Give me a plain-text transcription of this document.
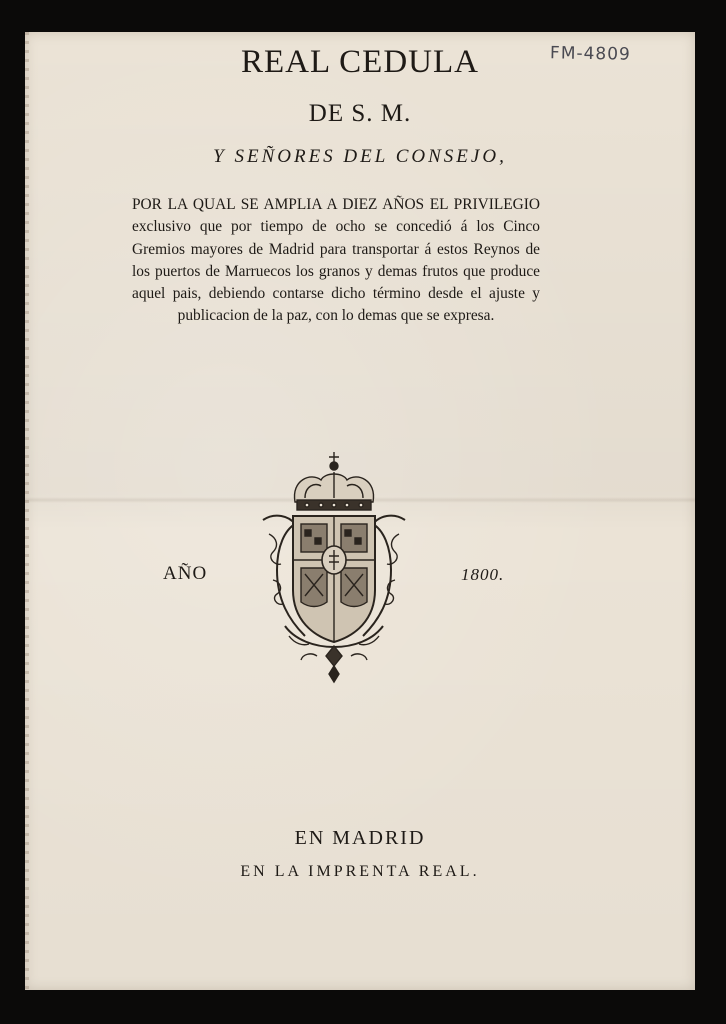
FM-4809
REAL CEDULA
DE S. M.
Y SEÑORES DEL CONSEJO,
POR LA QUAL SE AMPLIA A DIEZ AÑOS EL PRIVILEGIO exclusivo que por tiempo de ocho se concedió á los Cinco Gremios mayores de Madrid para transportar á estos Reynos de los puertos de Marruecos los granos y demas frutos que produce aquel pais, debiendo contarse dicho término desde el ajuste y publicacion de la paz, con lo demas que se expresa.
AÑO	1800.
EN MADRID
EN LA IMPRENTA REAL.
